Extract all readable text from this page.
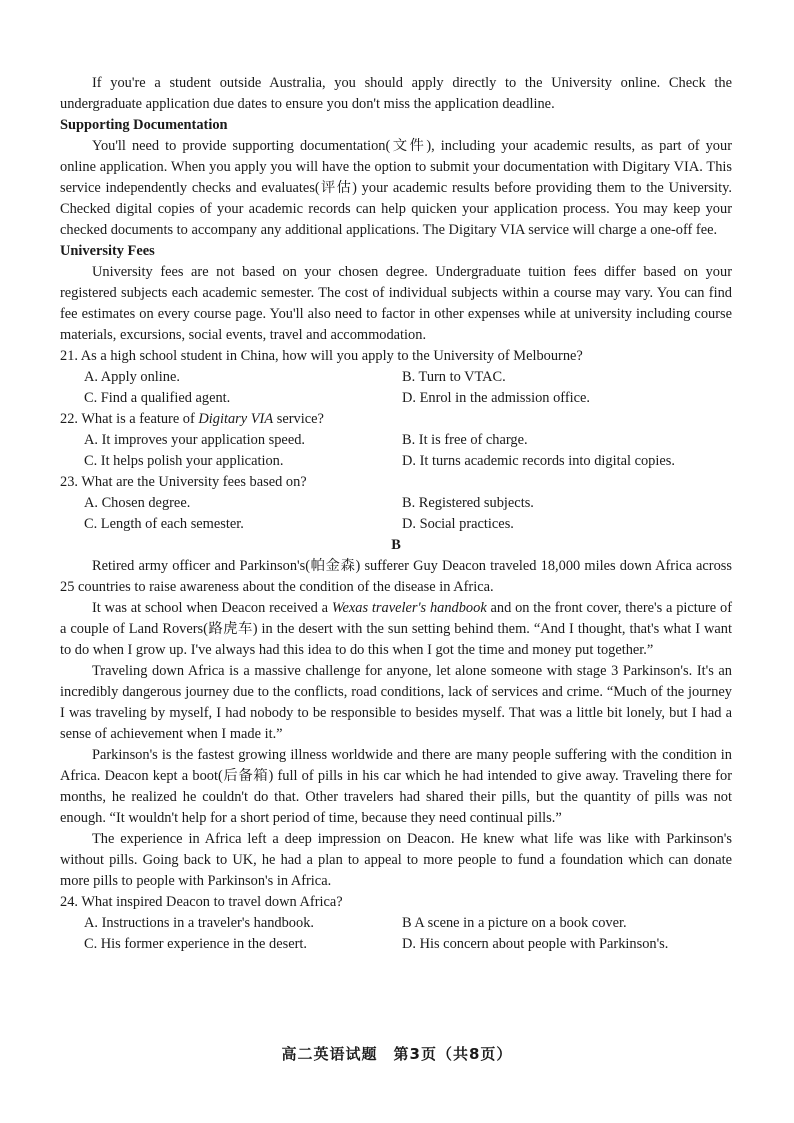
If you're a student outside Australia, you should apply directly to the University online. Check the undergraduate application due dates to ensure you don't miss the application deadline.

Supporting Documentation

You'll need to provide supporting documentation(文件), including your academic results, as part of your online application. When you apply you will have the option to submit your documentation with Digitary VIA. This service independently checks and evaluates(评估) your academic results before providing them to the University. Checked digital copies of your academic records can help quicken your application process. You may keep your checked documents to accompany any additional applications. The Digitary VIA service will charge a one-off fee.

University Fees

University fees are not based on your chosen degree. Undergraduate tuition fees differ based on your registered subjects each academic semester. The cost of individual subjects within a course may vary. You can find fee estimates on every course page. You'll also need to factor in other expenses while at university including course materials, excursions, social events, travel and accommodation.

21. As a high school student in China, how will you apply to the University of Melbourne?

A. Apply online.	B. Turn to VTAC.
C. Find a qualified agent.	D. Enrol in the admission office.

22. What is a feature of Digitary VIA service?

A. It improves your application speed.	B. It is free of charge.
C. It helps polish your application.	D. It turns academic records into digital copies.

23. What are the University fees based on?

A. Chosen degree.	B. Registered subjects.
C. Length of each semester.	D. Social practices.

B

Retired army officer and Parkinson's(帕金森) sufferer Guy Deacon traveled 18,000 miles down Africa across 25 countries to raise awareness about the condition of the disease in Africa.

It was at school when Deacon received a Wexas traveler's handbook and on the front cover, there's a picture of a couple of Land Rovers(路虎车) in the desert with the sun setting behind them. “And I thought, that's what I want to do when I grow up. I've always had this idea to do this when I got the time and money put together.”

Traveling down Africa is a massive challenge for anyone, let alone someone with stage 3 Parkinson's. It's an incredibly dangerous journey due to the conflicts, road conditions, lack of services and crime. “Much of the journey I was traveling by myself, I had nobody to be responsible to besides myself. That was a little bit lonely, but I had a sense of achievement when I made it.”

Parkinson's is the fastest growing illness worldwide and there are many people suffering with the condition in Africa. Deacon kept a boot(后备箱) full of pills in his car which he had intended to give away. Traveling there for months, he realized he couldn't do that. Other travelers had shared their pills, but the quantity of pills was not enough. “It wouldn't help for a short period of time, because they need continual pills.”

The experience in Africa left a deep impression on Deacon. He knew what life was like with Parkinson's without pills. Going back to UK, he had a plan to appeal to more people to fund a foundation which can donate more pills to people with Parkinson's in Africa.

24. What inspired Deacon to travel down Africa?

A. Instructions in a traveler's handbook.	B A scene in a picture on a book cover.
C. His former experience in the desert.	D. His concern about people with Parkinson's.
高二英语试题　第3页（共8页）
